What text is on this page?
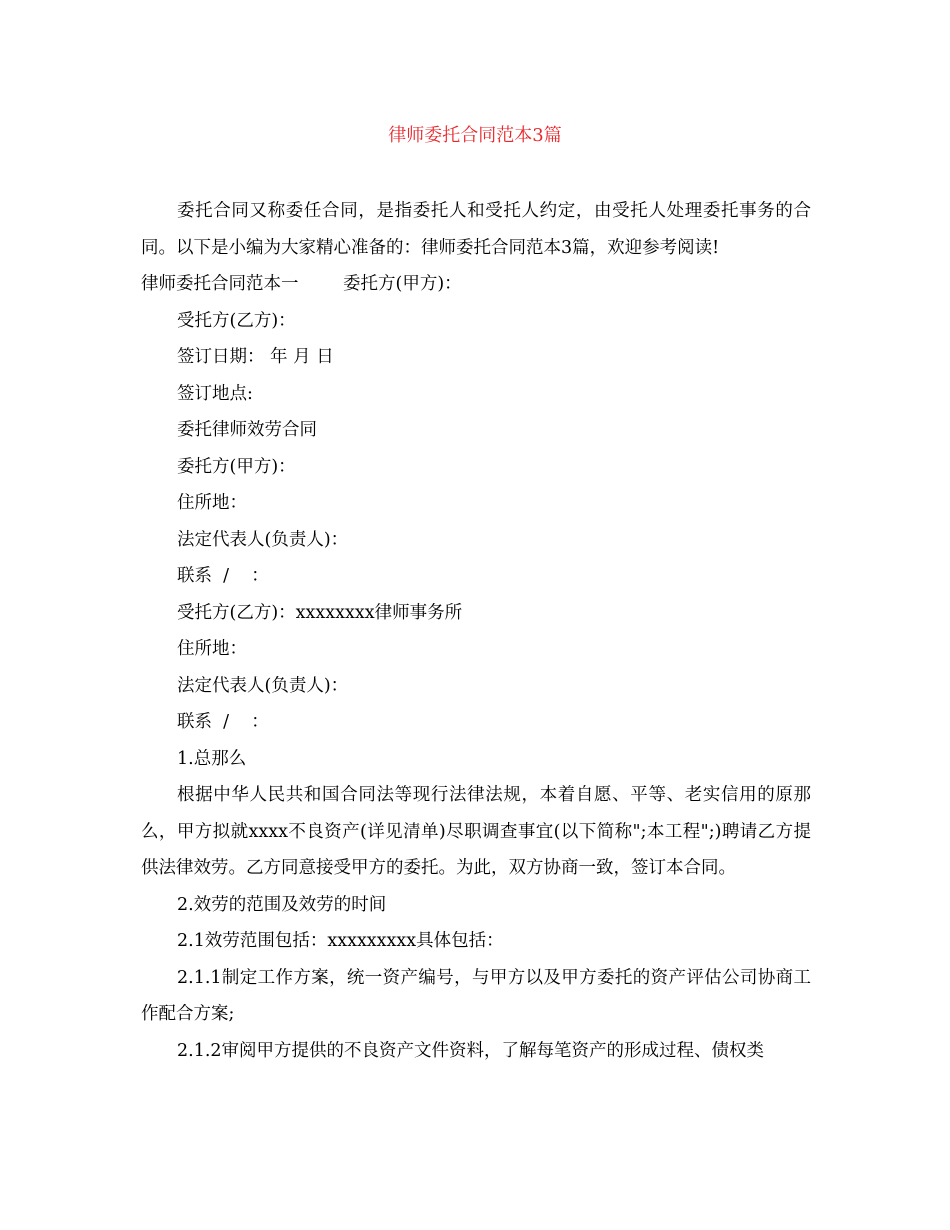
律师委托合同范本3篇

委托合同又称委任合同，是指委托人和受托人约定，由受托人处理委托事务的合同。以下是小编为大家精心准备的：律师委托合同范本3篇，欢迎参考阅读!

律师委托合同范本一        委托方(甲方)：

受托方(乙方)：

签订日期： 年 月 日

签订地点:

委托律师效劳合同

委托方(甲方)：

住所地：

法定代表人(负责人)：

联系  /    ：

受托方(乙方)：xxxxxxxx律师事务所

住所地：

法定代表人(负责人)：

联系  /    ：

1.总那么

根据中华人民共和国合同法等现行法律法规，本着自愿、平等、老实信用的原那么，甲方拟就xxxx不良资产(详见清单)尽职调查事宜(以下简称";本工程";)聘请乙方提供法律效劳。乙方同意接受甲方的委托。为此，双方协商一致，签订本合同。

2.效劳的范围及效劳的时间

2.1效劳范围包括：xxxxxxxxx具体包括：

2.1.1制定工作方案，统一资产编号，与甲方以及甲方委托的资产评估公司协商工作配合方案;

2.1.2审阅甲方提供的不良资产文件资料，了解每笔资产的形成过程、债权类
